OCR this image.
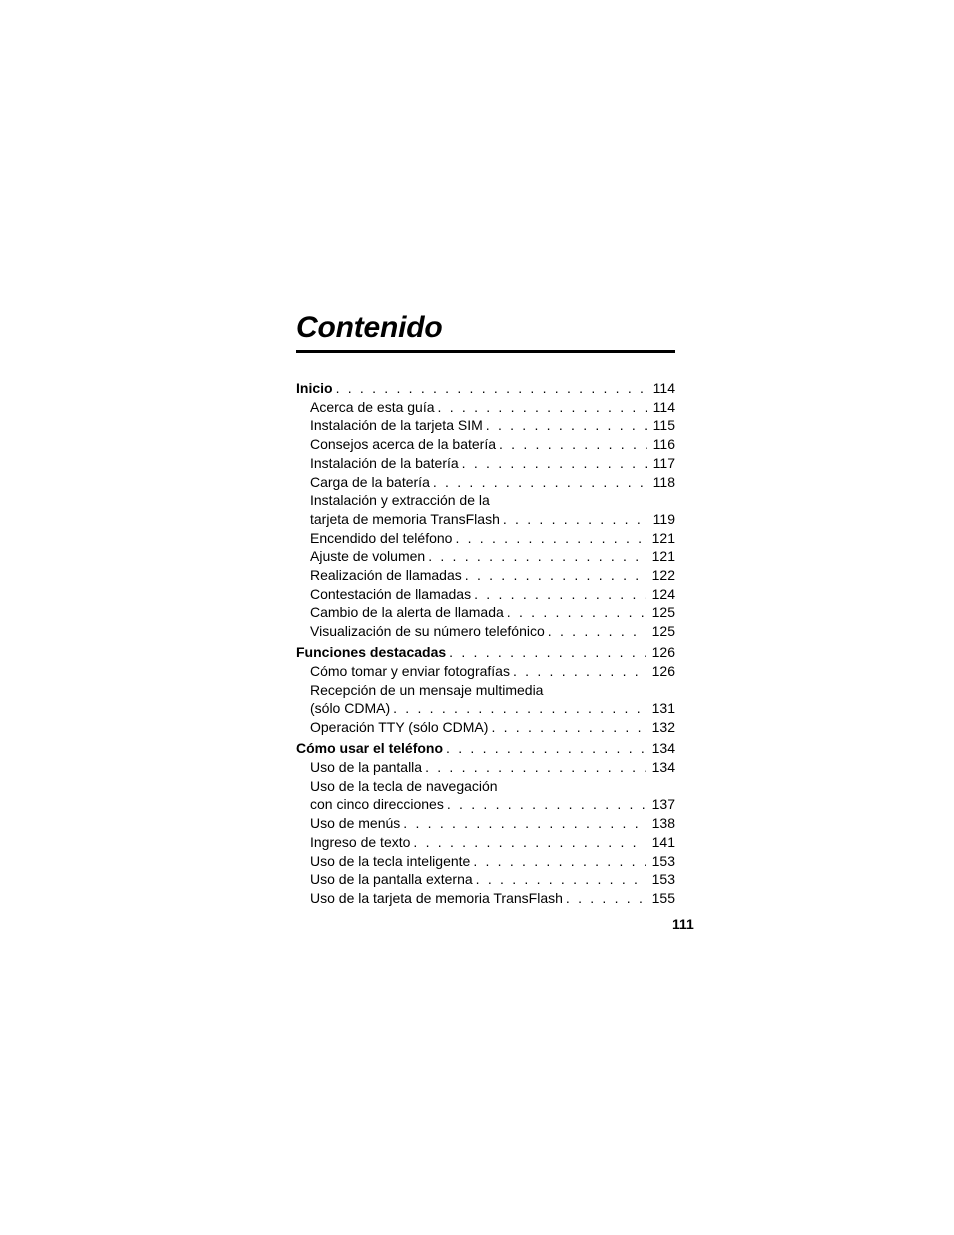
Contenido
Inicio . . .	114
Acerca de esta guía . . .	114
Instalación de la tarjeta SIM . . .	115
Consejos acerca de la batería . . .	116
Instalación de la batería . . .	117
Carga de la batería . . .	118
Instalación y extracción de la
tarjeta de memoria TransFlash . . .	119
Encendido del teléfono . . .	121
Ajuste de volumen . . .	121
Realización de llamadas . . .	122
Contestación de llamadas . . .	124
Cambio de la alerta de llamada . . .	125
Visualización de su número telefónico . . .	125
Funciones destacadas . . .	126
Cómo tomar y enviar fotografías . . .	126
Recepción de un mensaje multimedia
(sólo CDMA) . . .	131
Operación TTY (sólo CDMA) . . .	132
Cómo usar el teléfono . . .	134
Uso de la pantalla . . .	134
Uso de la tecla de navegación
con cinco direcciones . . .	137
Uso de menús . . .	138
Ingreso de texto . . .	141
Uso de la tecla inteligente . . .	153
Uso de la pantalla externa . . .	153
Uso de la tarjeta de memoria TransFlash . . .	155
111
